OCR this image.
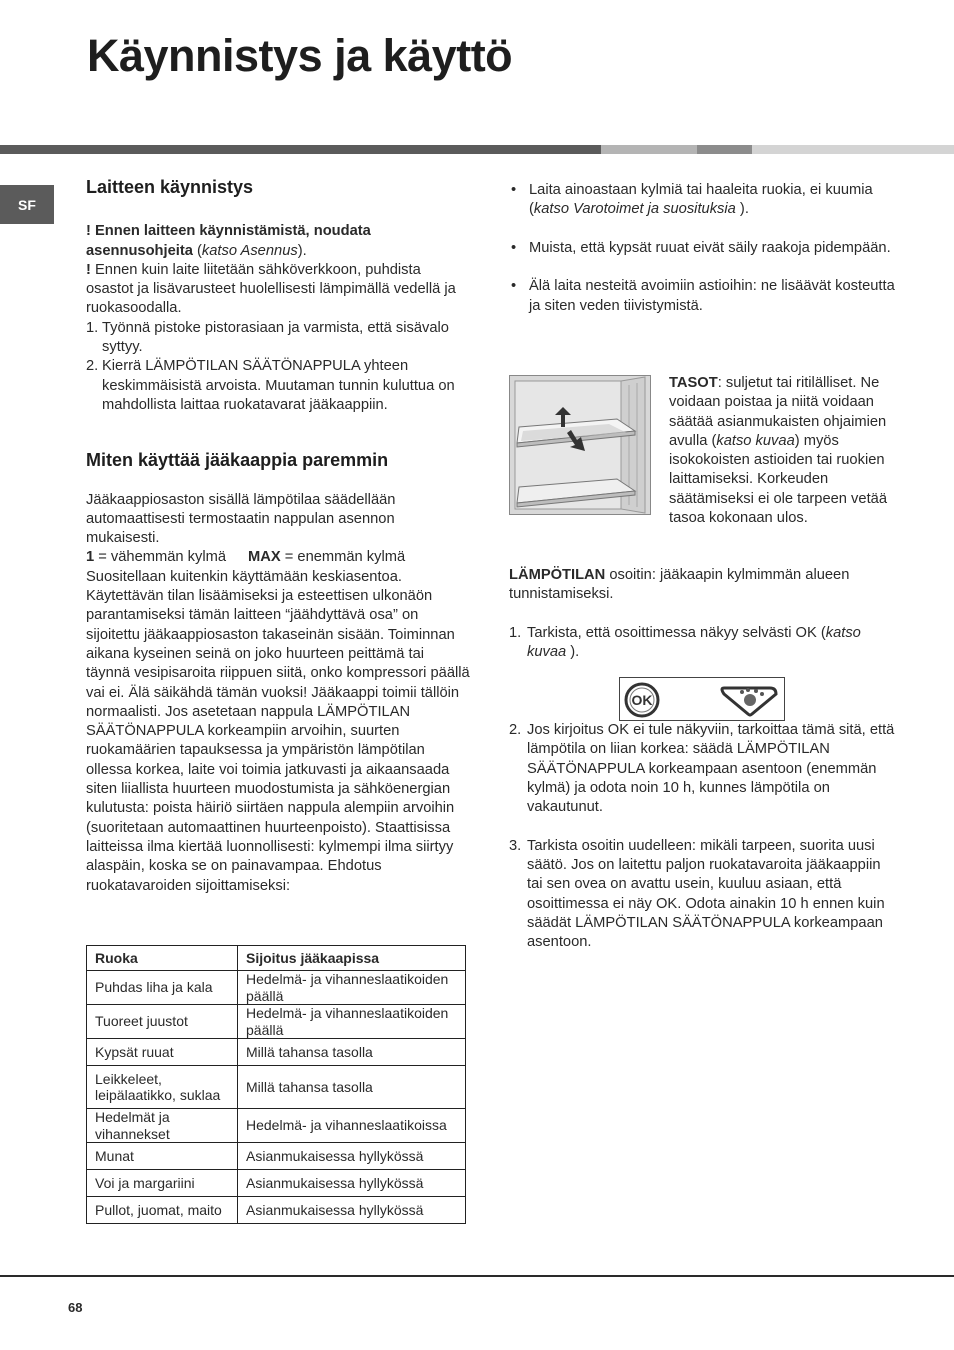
Käynnistys ja käyttö
SF

Laitteen käynnistys

! Ennen laitteen käynnistämistä, noudata asennusohjeita (katso Asennus).

! Ennen kuin laite liitetään sähköverkkoon, puhdista osastot ja lisävarusteet huolellisesti lämpimällä vedellä ja ruokasoodalla.

1. Työnnä pistoke pistorasiaan ja varmista, että sisävalo syttyy.
2. Kierrä LÄMPÖTILAN SÄÄTÖNAPPULA yhteen keskimmäisistä arvoista. Muutaman tunnin kuluttua on mahdollista laittaa ruokatavarat jääkaappiin.

Miten käyttää jääkaappia paremmin

Jääkaappiosaston sisällä lämpötilaa säädellään automaattisesti termostaatin nappulan asennon mukaisesti.

1 = vähemmän kylmä MAX = enemmän kylmä

Suositellaan kuitenkin käyttämään keskiasentoa. Käytettävän tilan lisäämiseksi ja esteettisen ulkonäön parantamiseksi tämän laitteen “jäähdyttävä osa” on sijoitettu jääkaappiosaston takaseinän sisään. Toiminnan aikana kyseinen seinä on joko huurteen peittämä tai täynnä vesipisaroita riippuen siitä, onko kompressori päällä vai ei. Älä säikähdä tämän vuoksi! Jääkaappi toimii tällöin normaalisti. Jos asetetaan nappula LÄMPÖTILAN SÄÄTÖNAPPULA korkeampiin arvoihin, suurten ruokamäärien tapauksessa ja ympäristön lämpötilan ollessa korkea, laite voi toimia jatkuvasti ja aikaansaada siten liiallista huurteen muodostumista ja sähköenergian kulutusta: poista häiriö siirtäen nappula alempiin arvoihin (suoritetaan automaattinen huurteenpoisto). Staattisissa laitteissa ilma kiertää luonnollisesti: kylmempi ilma siirtyy alaspäin, koska se on painavampaa. Ehdotus ruokatavaroiden sijoittamiseksi:

Ruoka	Sijoitus jääkaapissa
Puhdas liha ja kala	Hedelmä- ja vihanneslaatikoiden päällä
Tuoreet juustot	Hedelmä- ja vihanneslaatikoiden päällä
Kypsät ruuat	Millä tahansa tasolla
Leikkeleet, leipälaatikko, suklaa	Millä tahansa tasolla
Hedelmät ja vihannekset	Hedelmä- ja vihanneslaatikoissa
Munat	Asianmukaisessa hyllykössä
Voi ja margariini	Asianmukaisessa hyllykössä
Pullot, juomat, maito	Asianmukaisessa hyllykössä
• Laita ainoastaan kylmiä tai haaleita ruokia, ei kuumia (katso Varotoimet ja suosituksia ).
• Muista, että kypsät ruuat eivät säily raakoja pidempään.
• Älä laita nesteitä avoimiin astioihin: ne lisäävät kosteutta ja siten veden tiivistymistä.

TASOT: suljetut tai ritilälliset. Ne voidaan poistaa ja niitä voidaan säätää asianmukaisten ohjaimien avulla (katso kuvaa) myös isokokoisten astioiden tai ruokien laittamiseksi. Korkeuden säätämiseksi ei ole tarpeen vetää tasoa kokonaan ulos.

LÄMPÖTILAN osoitin: jääkaapin kylmimmän alueen tunnistamiseksi.

1. Tarkista, että osoittimessa näkyy selvästi OK (katso kuvaa ).
OK
2. Jos kirjoitus OK ei tule näkyviin, tarkoittaa tämä sitä, että lämpötila on liian korkea: säädä LÄMPÖTILAN SÄÄTÖNAPPULA korkeampaan asentoon (enemmän kylmä) ja odota noin 10 h, kunnes lämpötila on vakautunut.
3. Tarkista osoitin uudelleen: mikäli tarpeen, suorita uusi säätö. Jos on laitettu paljon ruokatavaroita jääkaappiin tai sen ovea on avattu usein, kuuluu asiaan, että osoittimessa ei näy OK. Odota ainakin 10 h ennen kuin säädät LÄMPÖTILAN SÄÄTÖNAPPULA korkeampaan asentoon.
68
